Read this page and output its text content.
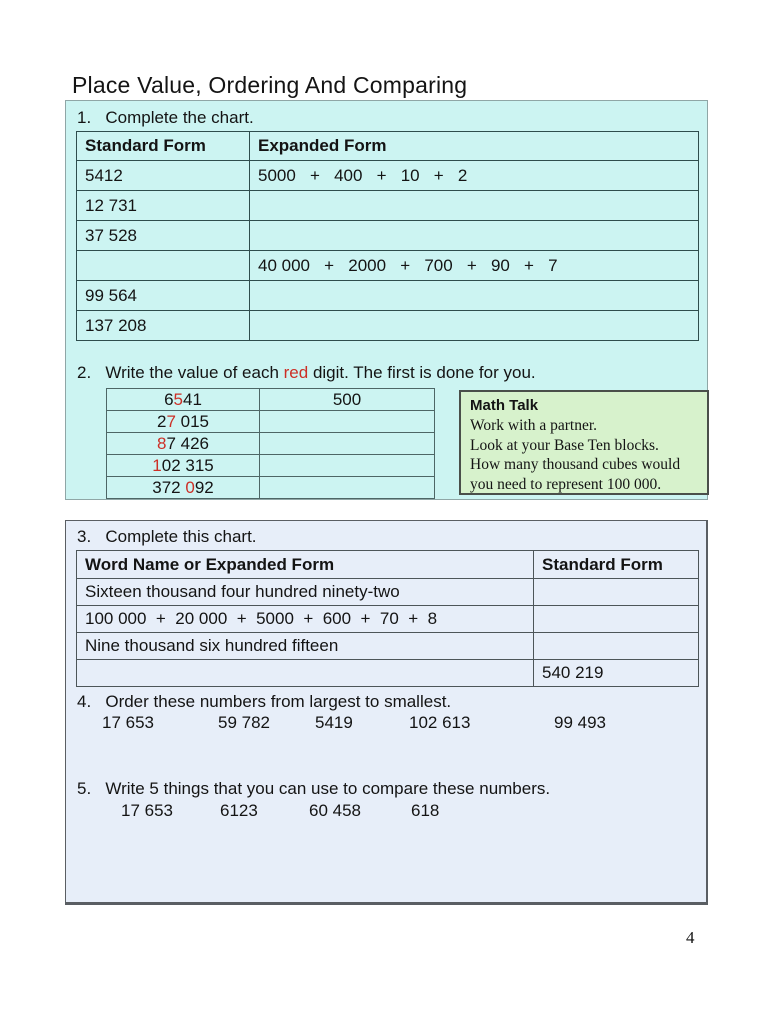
Place Value, Ordering And Comparing
1.   Complete the chart.
Standard Form	Expanded Form
5412	5000   +   400   +   10   +   2
12 731	
37 528	
	40 000   +   2000   +   700   +   90   +   7
99 564	
137 208	
2.   Write the value of each red digit. The first is done for you.
6541	500
27 015	
87 426	
102 315	
372 092	
Math Talk
Work with a partner.
Look at your Base Ten blocks.
How many thousand cubes would
you need to represent 100 000.
3.   Complete this chart.
Word Name or Expanded Form	Standard Form
Sixteen thousand four hundred ninety-two	
100 000  +  20 000  +  5000  +  600  +  70  +  8	
Nine thousand six hundred fifteen	
	540 219
4.   Order these numbers from largest to smallest.
17 653	59 782	5419	102 613	99 493
5.   Write 5 things that you can use to compare these numbers.
17 653	6123	60 458	618
4
